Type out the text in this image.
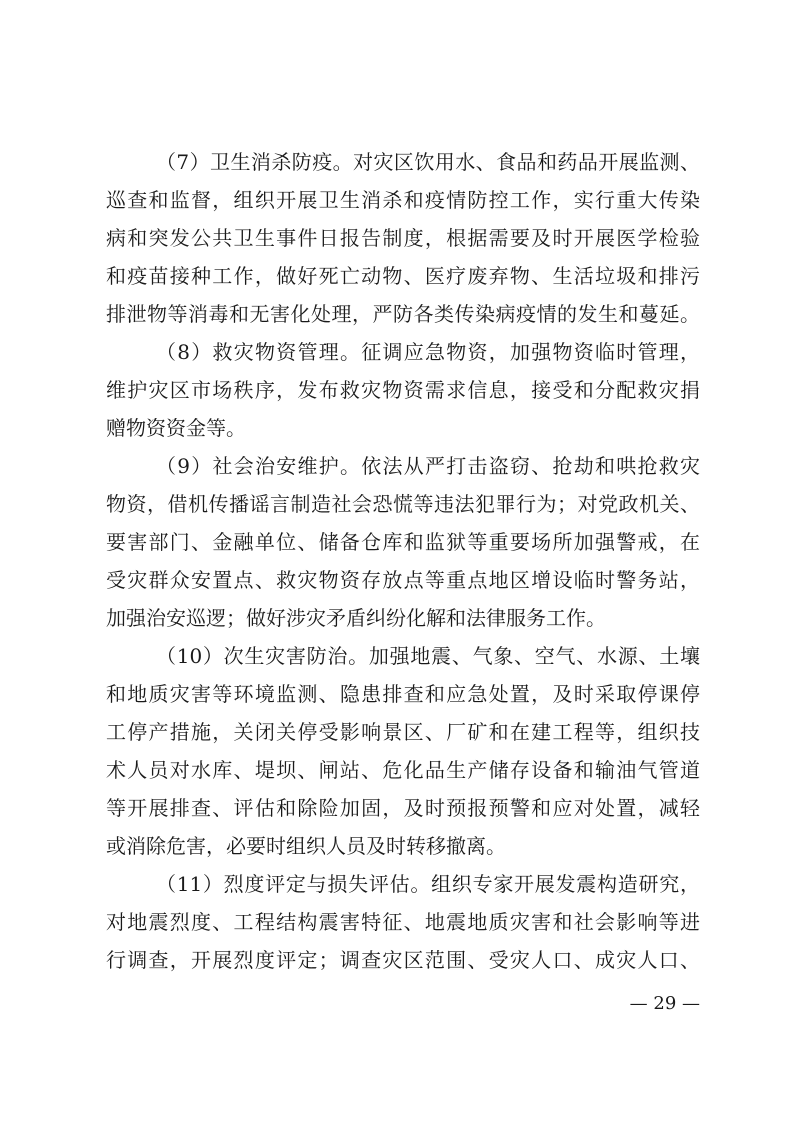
（7）卫生消杀防疫。对灾区饮用水、食品和药品开展监测、
巡查和监督，组织开展卫生消杀和疫情防控工作，实行重大传染
病和突发公共卫生事件日报告制度，根据需要及时开展医学检验
和疫苗接种工作，做好死亡动物、医疗废弃物、生活垃圾和排污
排泄物等消毒和无害化处理，严防各类传染病疫情的发生和蔓延。
（8）救灾物资管理。征调应急物资，加强物资临时管理，
维护灾区市场秩序，发布救灾物资需求信息，接受和分配救灾捐
赠物资资金等。
（9）社会治安维护。依法从严打击盗窃、抢劫和哄抢救灾
物资，借机传播谣言制造社会恐慌等违法犯罪行为；对党政机关、
要害部门、金融单位、储备仓库和监狱等重要场所加强警戒，在
受灾群众安置点、救灾物资存放点等重点地区增设临时警务站，
加强治安巡逻；做好涉灾矛盾纠纷化解和法律服务工作。
（10）次生灾害防治。加强地震、气象、空气、水源、土壤
和地质灾害等环境监测、隐患排查和应急处置，及时采取停课停
工停产措施，关闭关停受影响景区、厂矿和在建工程等，组织技
术人员对水库、堤坝、闸站、危化品生产储存设备和输油气管道
等开展排查、评估和除险加固，及时预报预警和应对处置，减轻
或消除危害，必要时组织人员及时转移撤离。
（11）烈度评定与损失评估。组织专家开展发震构造研究，
对地震烈度、工程结构震害特征、地震地质灾害和社会影响等进
行调查，开展烈度评定；调查灾区范围、受灾人口、成灾人口、
— 29 —
